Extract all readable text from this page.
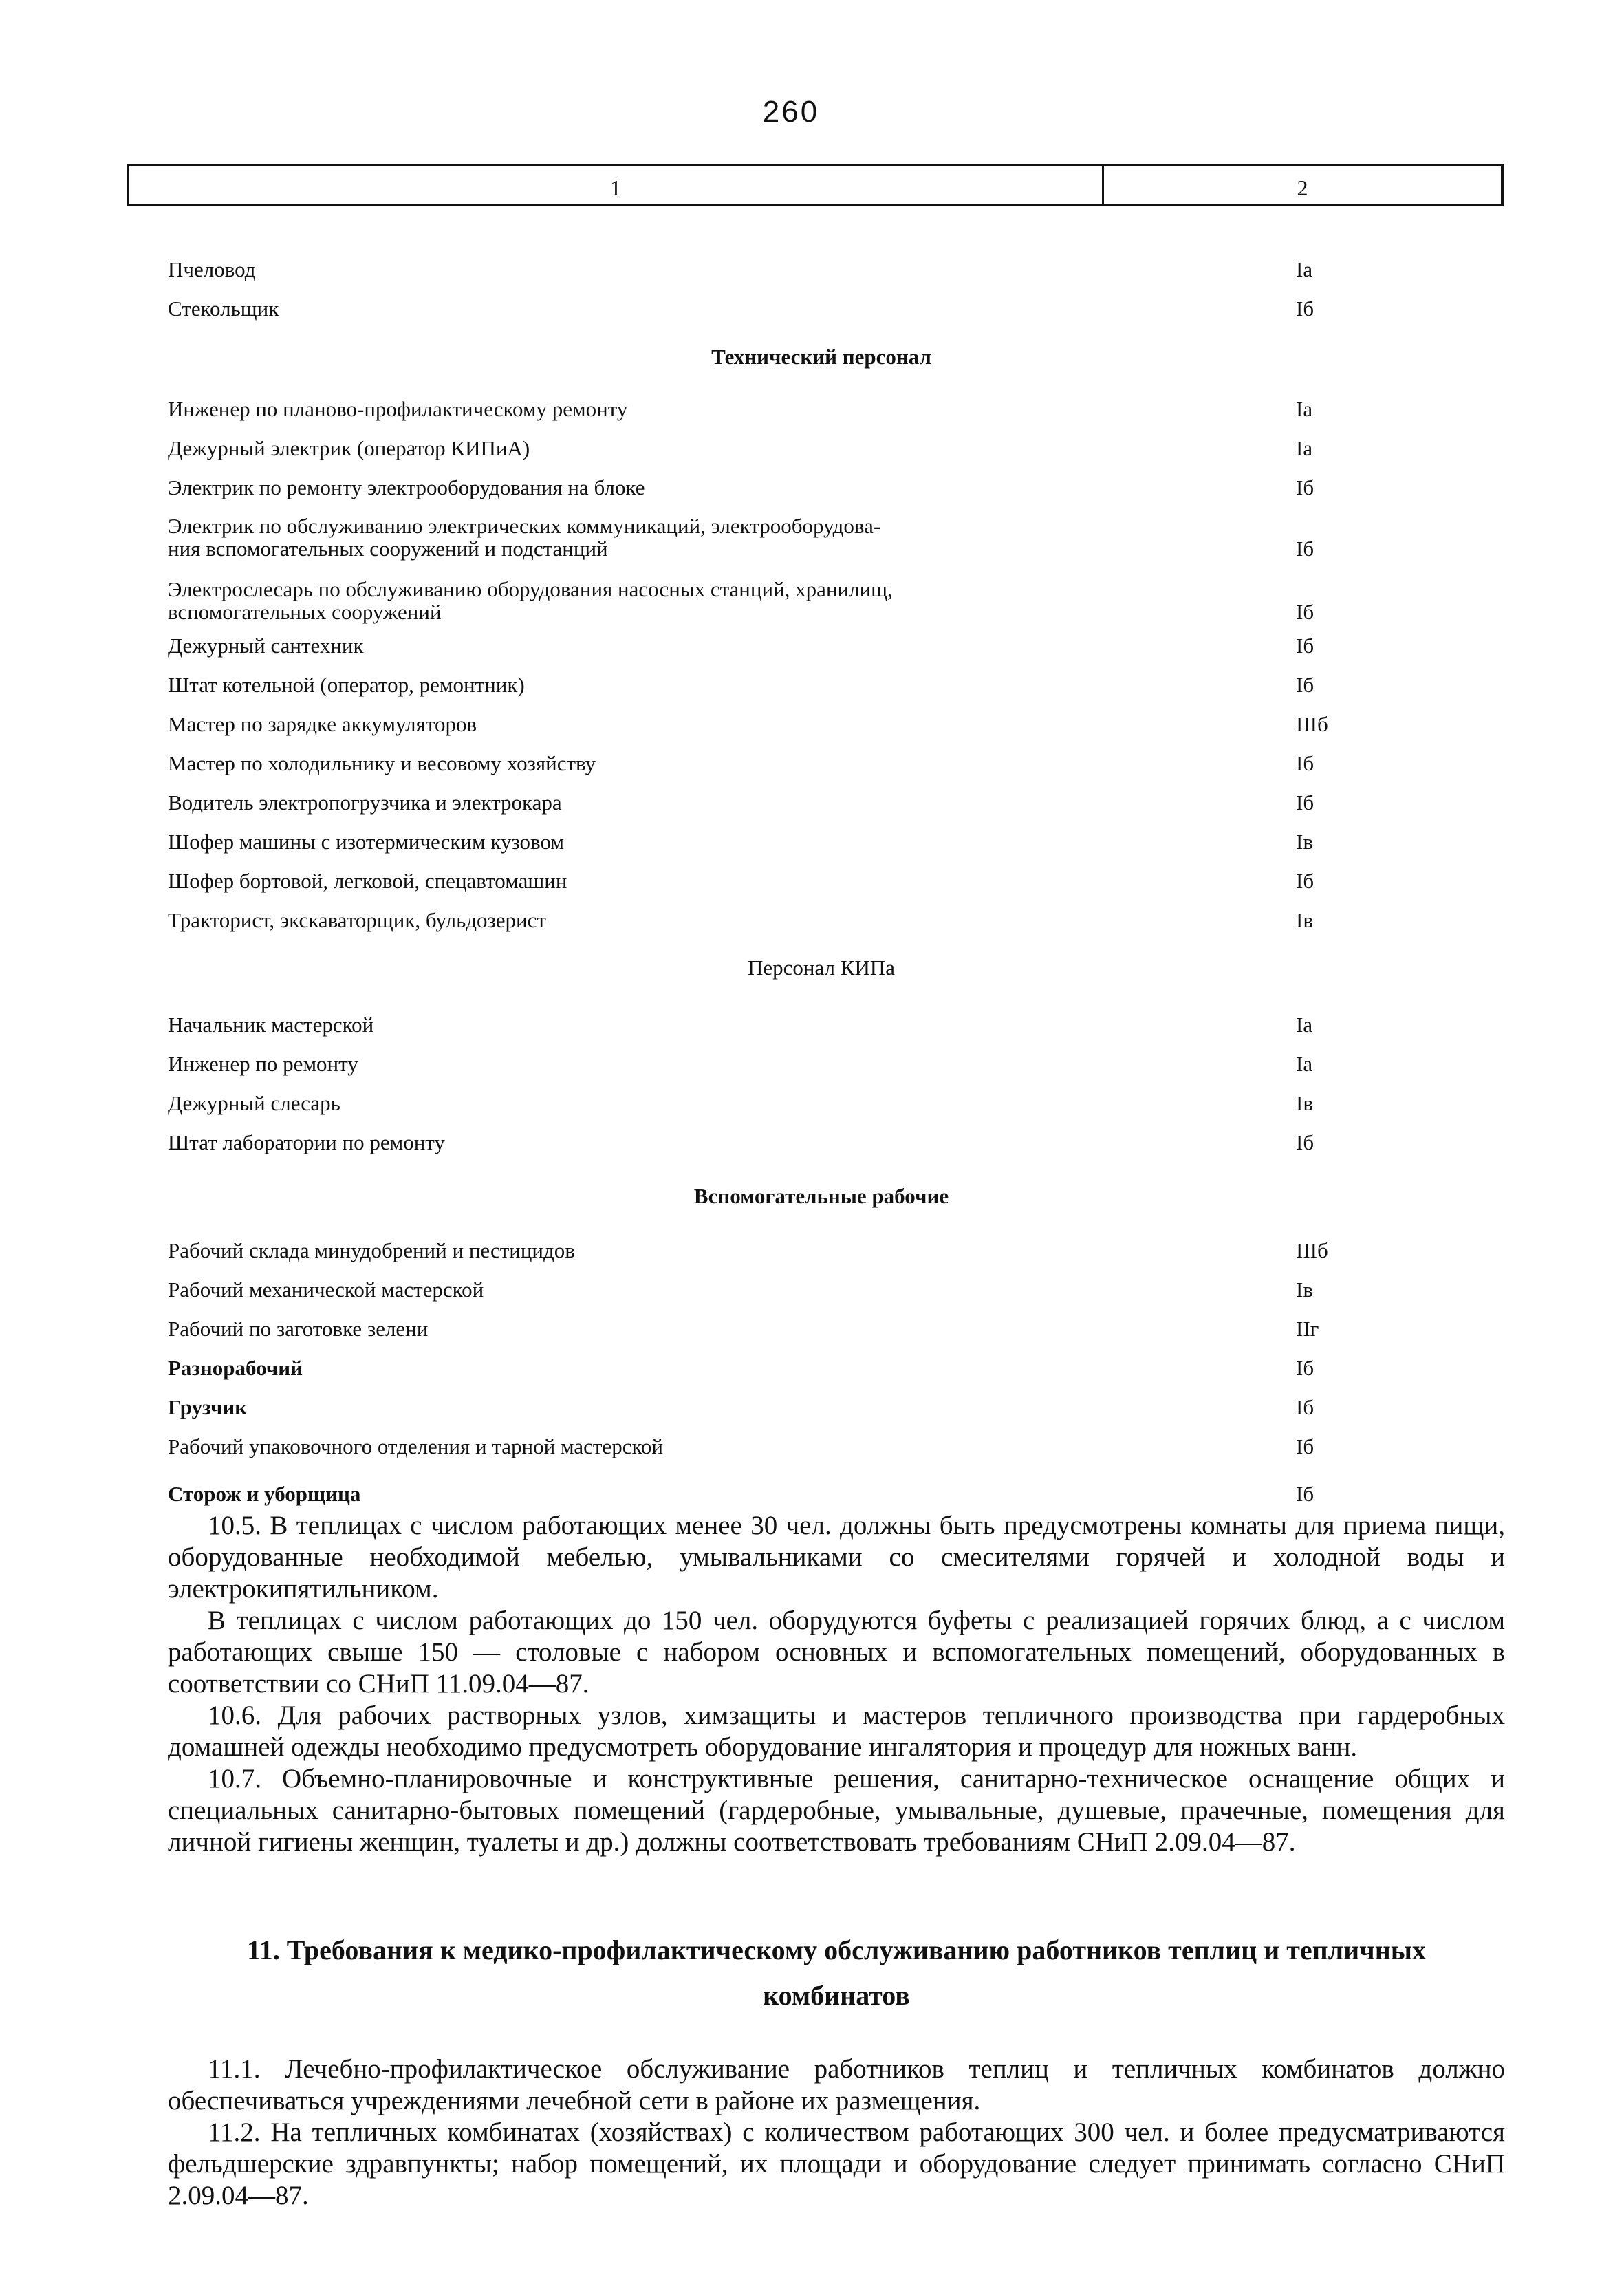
260
1	2
Пчеловод	Ia
Стекольщик	Iб
Технический персонал
Инженер по планово-профилактическому ремонту	Ia
Дежурный электрик (оператор КИПиА)	Ia
Электрик по ремонту электрооборудования на блоке	Iб
Электрик по обслуживанию электрических коммуникаций, электрооборудова-
ния вспомогательных сооружений и подстанций	Iб
Электрослесарь по обслуживанию оборудования насосных станций, хранилищ,
вспомогательных сооружений	Iб
Дежурный сантехник	Iб
Штат котельной (оператор, ремонтник)	Iб
Мастер по зарядке аккумуляторов	IIIб
Мастер по холодильнику и весовому хозяйству	Iб
Водитель электропогрузчика и электрокара	Iб
Шофер машины с изотермическим кузовом	Iв
Шофер бортовой, легковой, спецавтомашин	Iб
Тракторист, экскаваторщик, бульдозерист	Iв
Персонал КИПа
Начальник мастерской	Ia
Инженер по ремонту	Ia
Дежурный слесарь	Iв
Штат лаборатории по ремонту	Iб
Вспомогательные рабочие
Рабочий склада минудобрений и пестицидов	IIIб
Рабочий механической мастерской	Iв
Рабочий по заготовке зелени	IIг
Разнорабочий	Iб
Грузчик	Iб
Рабочий упаковочного отделения и тарной мастерской	Iб
Сторож и уборщица	Iб

10.5. В теплицах с числом работающих менее 30 чел. должны быть предусмотрены комнаты для приема пищи, оборудованные необходимой мебелью, умывальниками со смесителями горячей и холодной воды и электрокипятильником.

В теплицах с числом работающих до 150 чел. оборудуются буфеты с реализацией горячих блюд, а с числом работающих свыше 150 — столовые с набором основных и вспомогательных помещений, оборудованных в соответствии со СНиП 11.09.04—87.

10.6. Для рабочих растворных узлов, химзащиты и мастеров тепличного производства при гардеробных домашней одежды необходимо предусмотреть оборудование ингалятория и процедур для ножных ванн.

10.7. Объемно-планировочные и конструктивные решения, санитарно-техническое оснащение общих и специальных санитарно-бытовых помещений (гардеробные, умывальные, душевые, прачечные, помещения для личной гигиены женщин, туалеты и др.) должны соответствовать требованиям СНиП 2.09.04—87.

11. Требования к медико-профилактическому обслуживанию работников теплиц и тепличных
комбинатов

11.1. Лечебно-профилактическое обслуживание работников теплиц и тепличных комбинатов должно обеспечиваться учреждениями лечебной сети в районе их размещения.

11.2. На тепличных комбинатах (хозяйствах) с количеством работающих 300 чел. и более предусматриваются фельдшерские здравпункты; набор помещений, их площади и оборудование следует принимать согласно СНиП 2.09.04—87.
